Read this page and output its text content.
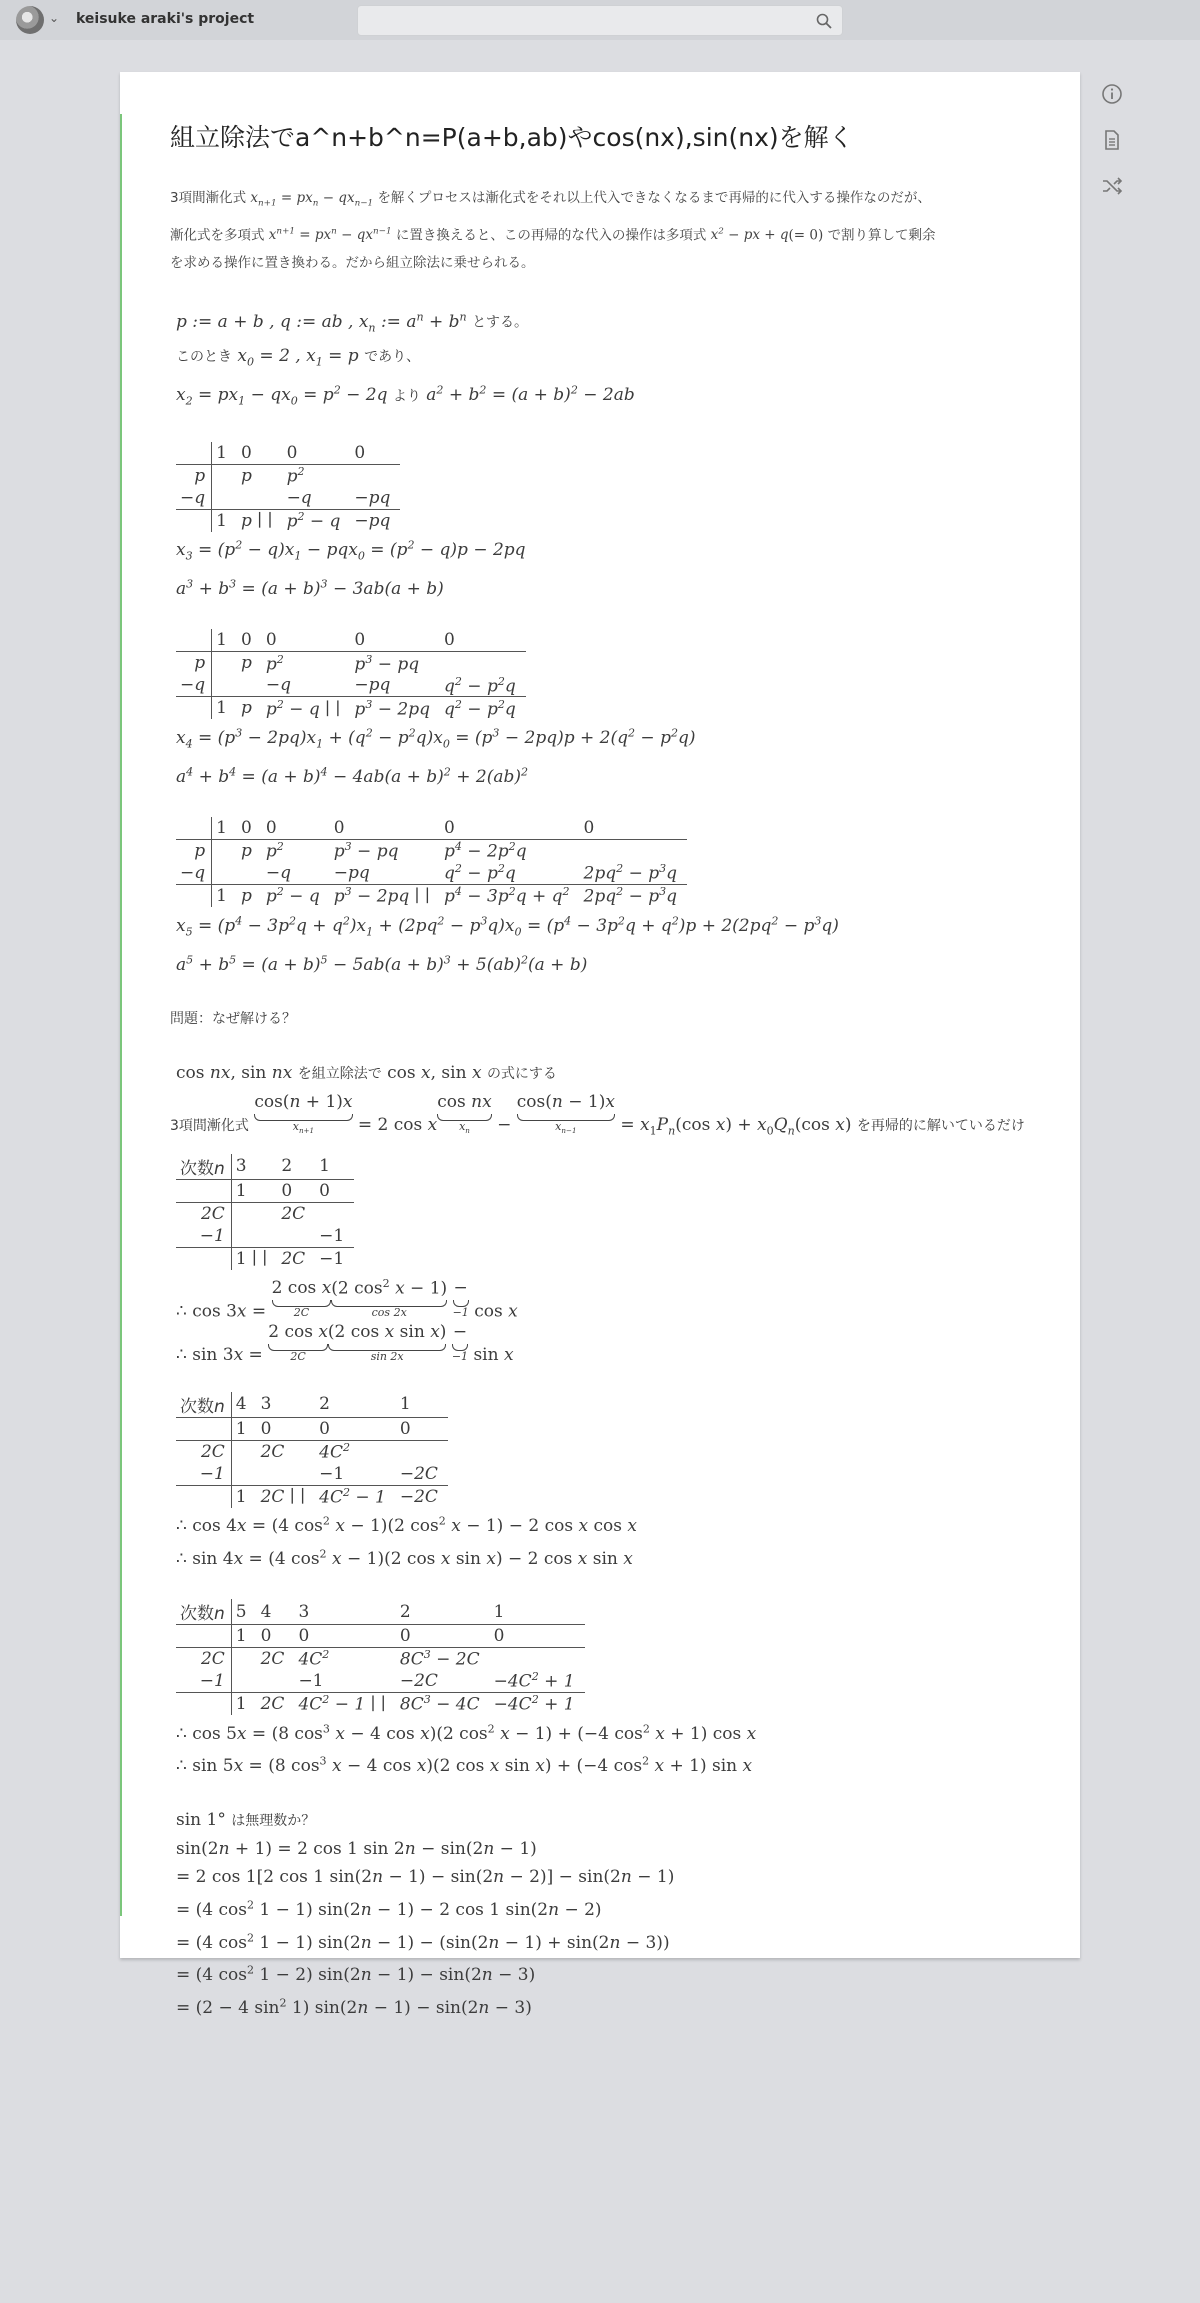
⌄ keisuke araki's project
組立除法でa^n+b^n=P(a+b,ab)やcos(nx),sin(nx)を解く
3項間漸化式 $x_{n+1} = px_n - qx_{n-1}$ を解くプロセスは漸化式をそれ以上代入できなくなるまで再帰的に代入する操作なのだが、
漸化式を多項式 $x^{n+1} = px^n - qx^{n-1}$ に置き換えると、この再帰的な代入の操作は多項式 $x^2$ − px + q(= 0) で割り算して剰余
を求める操作に置き換わる。だから組立除法に乗せられる。
p := a + b , q := ab , $x_n$ := $a^n + b^n$ とする。
このとき $x_0 = 2$ , $x_1 = p$ であり、
$x_2 = px_1 - qx_0 = p^2 - 2q$ より $a^2 + b^2 = (a + b)^2 - 2ab$
	1	0	0	0
p		p	$p^2$	
−q			−q	−pq
	1	p ∣ ∣	$p^2 - q$	−pq
$x_3 = (p^2 - q)x_1 - pqx_0 = (p^2 - q)p - 2pq$
$a^3 + b^3 = (a + b)^3 - 3ab(a + b)$
	1	0	0	0	0
p		p	$p^2$	$p^3$ − pq	
−q			−q	−pq	$q^2 - p^2q$
	1	p	$p^2 - q$ ∣ ∣	$p^3 - 2pq$	$q^2 - p^2q$
$x_4 = (p^3 - 2pq)x_1 + (q^2 - p^2q)x_0 = (p^3 - 2pq)p + 2(q^2 - p^2q)$
$a^4 + b^4 = (a + b)^4 - 4ab(a + b)^2 + 2(ab)^2$
	1	0	0	0	0	0
p		p	$p^2$	$p^3$ − pq	$p^4 - 2p^2q$	
−q			−q	−pq	$q^2 - p^2q$	$2pq^2 - p^3q$
	1	p	$p^2 - q$	$p^3 - 2pq$ ∣ ∣	$p^4 - 3p^2q + q^2$	$2pq^2 - p^3q$
$x_5 = (p^4 - 3p^2q + q^2)x_1 + (2pq^2 - p^3q)x_0 = (p^4 - 3p^2q + q^2)p + 2(2pq^2 - p^3q)$
$a^5 + b^5 = (a + b)^5 - 5ab(a + b)^3 + 5(ab)^2(a + b)$
問題：なぜ解ける？
cos nx, sin nx を組立除法で cos x, sin x の式にする
3項間漸化式 cos(n + 1)x
$x_{n+1}$	= 2 cos xcos nx
$x_n$	− cos(n − 1)x
$x_{n-1}$	= $x_1P_n(\cos$ $x) + x_0Q_n(\cos$ x) を再帰的に解いているだけ
次数n	3	2	1
	1	0	0
2C		2C	
−1			−1
	1 ∣ ∣	2C	−1
∴ cos 3x = 2 cos x
2C
(2 $\cos^2 x - 1$)
cos 2x
−
−1 cos x
∴ sin 3x = 2 cos x
2C
(2 cos x sin x)
sin 2x
−
−1 sin x
次数n	4	3	2	1
	1	0	0	0
2C		2C	$4C^2$	
−1			−1	−2C
	1	2C ∣ ∣	$4C^2 - 1$	−2C
∴ cos 4x = (4 $\cos^2 x - 1)(2$ $\cos^2 x - 1) - 2$ cos x cos x
∴ sin 4x = (4 $\cos^2 x - 1)(2$ cos x sin x) − 2 cos x sin x
次数n	5	4	3	2	1
	1	0	0	0	0
2C		2C	$4C^2$	$8C^3 - 2C$	
−1			−1	−2C	$-4C^2 + 1$
	1	2C	$4C^2 - 1$ ∣ ∣	$8C^3 - 4C$	$-4C^2 + 1$
∴ cos 5x = (8 $\cos^3 x - 4$ cos x)(2 $\cos^2 x - 1) + (-4$ $\cos^2 x + 1$) cos x
∴ sin 5x = (8 $\cos^3 x - 4$ cos x)(2 cos x sin x) + (−4 $\cos^2 x + 1$) sin x
sin 1° は無理数か？
sin(2n + 1) = 2 cos 1 sin 2n − sin(2n − 1)
= 2 cos 1[2 cos 1 sin(2n − 1) − sin(2n − 2)] − sin(2n − 1)
= (4 $\cos^2 1 - 1$) sin(2n − 1) − 2 cos 1 sin(2n − 2)
= (4 $\cos^2 1 - 1$) sin(2n − 1) − (sin(2n − 1) + sin(2n − 3))
= (4 $\cos^2 1 - 2$) sin(2n − 1) − sin(2n − 3)
= (2 − 4 $\sin^2 1$) sin(2n − 1) − sin(2n − 3)
